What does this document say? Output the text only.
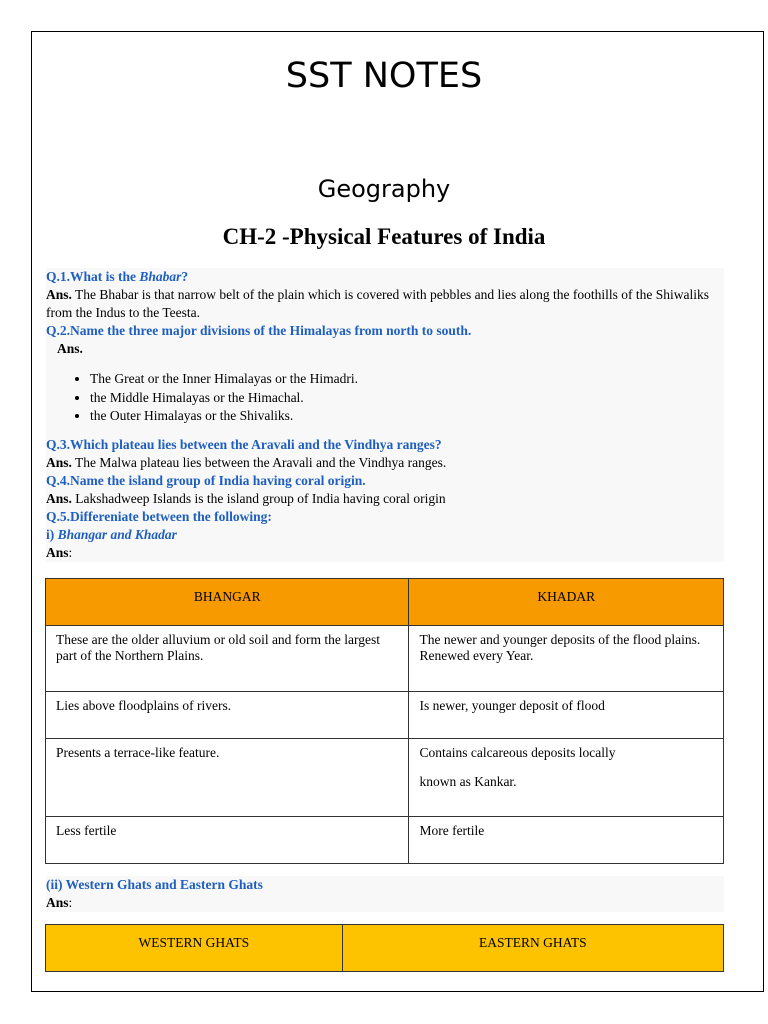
SST NOTES
Geography
CH-2 -Physical Features of India
Q.1.What is the Bhabar?
Ans. The Bhabar is that narrow belt of the plain which is covered with pebbles and lies along the foothills of the Shiwaliks from the Indus to the Teesta.
Q.2.Name the three major divisions of the Himalayas from north to south.
Ans.
• The Great or the Inner Himalayas or the Himadri.
• the Middle Himalayas or the Himachal.
• the Outer Himalayas or the Shivaliks.
Q.3.Which plateau lies between the Aravali and the Vindhya ranges?
Ans. The Malwa plateau lies between the Aravali and the Vindhya ranges.
Q.4.Name the island group of India having coral origin.
Ans. Lakshadweep Islands is the island group of India having coral origin
Q.5.Differeniate between the following:
i) Bhangar and Khadar
Ans:
BHANGAR	KHADAR
These are the older alluvium or old soil and form the largest part of the Northern Plains.	The newer and younger deposits of the flood plains. Renewed every Year.
Lies above floodplains of rivers.	Is newer, younger deposit of flood
Presents a terrace-like feature.	Contains calcareous deposits locally
known as Kankar.

Less fertile	More fertile
(ii) Western Ghats and Eastern Ghats
Ans:
WESTERN GHATS	EASTERN GHATS
